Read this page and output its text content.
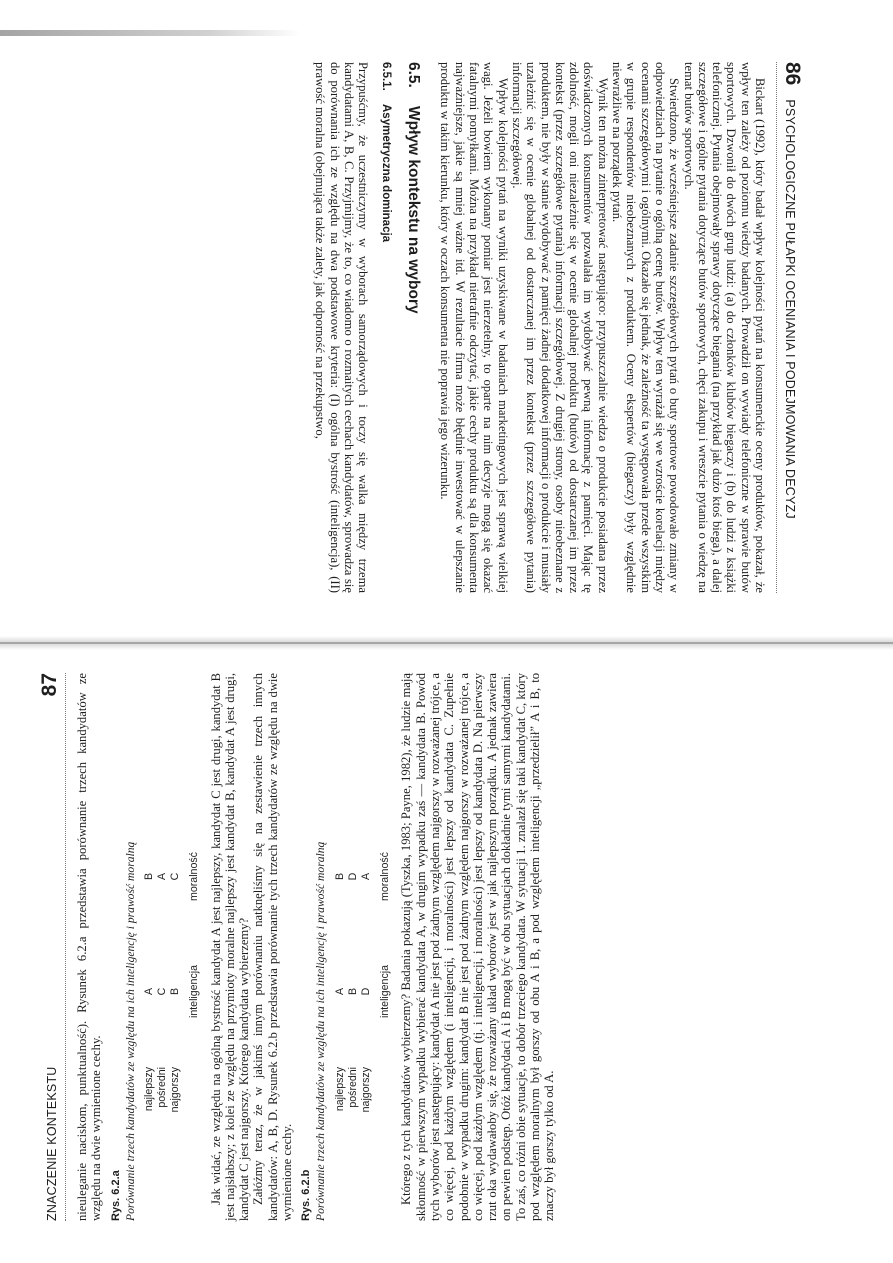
86
PSYCHOLOGICZNE PUŁAPKI OCENIANIA I PODEJMOWANIA DECYZJ

Bickart (1992), który badał wpływ kolejności pytań na konsumenckie oceny produktów, pokazał, że wpływ ten zależy od poziomu wiedzy badanych. Prowadził on wywiady telefoniczne w sprawie butów sportowych. Dzwonił do dwóch grup ludzi: (a) do członków klubów biegaczy i (b) do ludzi z książki telefonicznej. Pytania obejmowały sprawy dotyczące biegania (na przykład jak dużo ktoś biega), a dalej szczegółowe i ogólne pytania dotyczące butów sportowych, chęci zakupu i wreszcie pytania o wiedzę na temat butów sportowych.

Stwierdzono, że wcześniejsze zadanie szczegółowych pytań o buty sportowe powodowało zmiany w odpowiedziach na pytanie o ogólną ocenę butów. Wpływ ten wyrażał się we wzroście korelacji między ocenami szczegółowymi i ogólnymi. Okazało się jednak, że zależność ta występowała przede wszystkim w grupie respondentów nieobeznanych z produktem. Oceny ekspertów (biegaczy) były względnie niewrażliwe na porządek pytań.

Wynik ten można zinterpretować następująco: przypuszczalnie wiedza o produkcie posiadana przez doświadczonych konsumentów pozwalała im wydobywać pewną informację z pamięci. Mając tę zdolność, mogli oni niezależnie się w ocenie globalnej produktu (butów) od dostarczanej im przez kontekst (przez szczegółowe pytania) informacji szczegółowej. Z drugiej strony, osoby nieobeznane z produktem, nie były w stanie wydobywać z pamięci żadnej dodatkowej informacji o produkcie i musiały uzależnić się w ocenie globalnej od dostarczanej im przez kontekst (przez szczegółowe pytania) informacji szczegółowej.

Wpływ kolejności pytań na wyniki uzyskiwane w badaniach marketingowych jest sprawą wielkiej wagi. Jeżeli bowiem wykonany pomiar jest nierzetelny, to oparte na nim decyzje mogą się okazać fatalnymi pomyłkami. Można na przykład nietrafnie odczytać, jakie cechy produktu są dla konsumenta najważniejsze, jakie są mniej ważne itd. W rezultacie firma może błędnie inwestować w ulepszanie produktu w takim kierunku, który w oczach konsumenta nie poprawia jego wizerunku.

6.5.Wpływ kontekstu na wybory
6.5.1.Asymetryczna dominacja

Przypuśćmy, że uczestniczymy w wyborach samorządowych i toczy się walka między trzema kandydatami A, B, C. Przyjmijmy, że to, co wiadomo o rozmaitych cechach kandydatów, sprowadza się do porównania ich ze względu na dwa podstawowe kryteria: (I) ogólna bystrość (inteligencja), (II) prawość moralna (obejmująca także zalety, jak odporność na przekupstwo,

ZNACZENIE KONTEKSTU
87 nieuleganie naciskom, punktualność). Rysunek 6.2.a przedstawia porównanie trzech kandydatów ze względu na dwie wymienione cechy. Rys. 6.2.a Porównanie trzech kandydatów ze względu na ich inteligencję i prawość moralną najlepszy	A	B
pośredni	C	A
najgorszy	B	C
	inteligencja	moralność Jak widać, ze względu na ogólną bystrość kandydat A jest najlepszy, kandydat C jest drugi, kandydat B jest najsłabszy; z kolei ze względu na przymioty moralne najlepszy jest kandydat B, kandydat A jest drugi, kandydat C jest najgorszy. Którego kandydata wybierzemy? Załóżmy teraz, że w jakimś innym porównaniu natknęliśmy się na zestawienie trzech innych kandydatów: A, B, D. Rysunek 6.2.b przedstawia porównanie tych trzech kandydatów ze względu na dwie wymienione cechy. Rys. 6.2.b Porównanie trzech kandydatów ze względu na ich inteligencję i prawość moralną najlepszy	A	B
pośredni	B	D
najgorszy	D	A
	inteligencja	moralność Którego z tych kandydatów wybierzemy? Badania pokazują (Tyszka, 1983; Payne, 1982), że ludzie mają skłonność w pierwszym wypadku wybierać kandydata A, w drugim wypadku zaś — kandydata B. Powód tych wyborów jest następujący: kandydat A nie jest pod żadnym względem najgorszy w rozważanej trójce, a co więcej, pod każdym względem (i inteligencji, i moralności) jest lepszy od kandydata C. Zupełnie podobnie w wypadku drugim: kandydat B nie jest pod żadnym względem najgorszy w rozważanej trójce, a co więcej, pod każdym względem (tj. i inteligencji, i moralności) jest lepszy od kandydata D. Na pierwszy rzut oka wydawałoby się, że rozważany układ wyborów jest w jak najlepszym porządku. A jednak zawiera on pewien podstęp. Otóż kandydaci A i B mogą być w obu sytuacjach dokładnie tymi samymi kandydatami. To zaś, co różni obie sytuacje, to dobór trzeciego kandydata. W sytuacji 1. znalazł się taki kandydat C, który pod względem moralnym był gorszy od obu A i B, a pod względem inteligencji „przedzielił” A i B, to znaczy był gorszy tylko od A.
